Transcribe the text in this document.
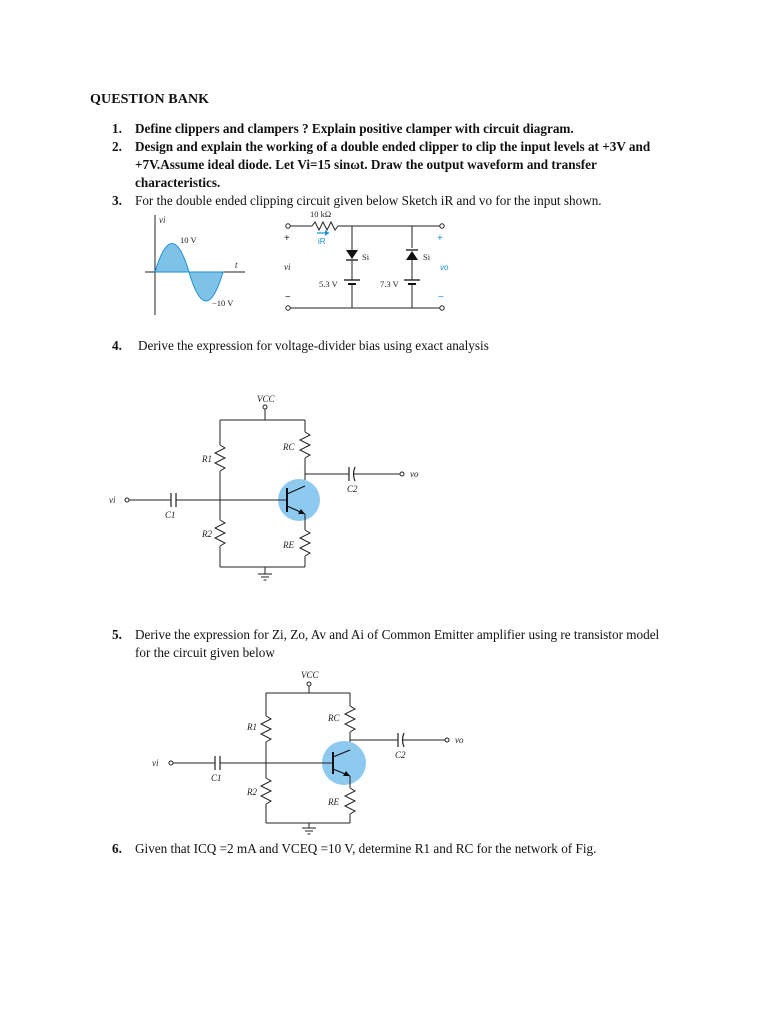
QUESTION BANK
1. Define clippers and clampers ? Explain positive clamper with circuit diagram.
2. Design and explain the working of a double ended clipper to clip the input levels at +3V and +7V.Assume ideal diode. Let Vi=15 sinωt. Draw the output waveform and transfer characteristics.
3. For the double ended clipping circuit given below Sketch iR and vo for the input shown.
10 V
−10 V
vi
t
10 kΩ
iR
+
vi
−
+
vo
−
Si
5.3 V
Si
7.3 V
4.	Derive the expression for voltage-divider bias using exact analysis
VCC
R1
R2
RC
vo
C2
vi
C1
RE
5. Derive the expression for Zi, Zo, Av and Ai of Common Emitter amplifier using re transistor model for the circuit given below
VCC
R1
R2
RC
vo
C2
vi
C1
RE
6. Given that ICQ =2 mA and VCEQ =10 V, determine R1 and RC for the network of Fig.
